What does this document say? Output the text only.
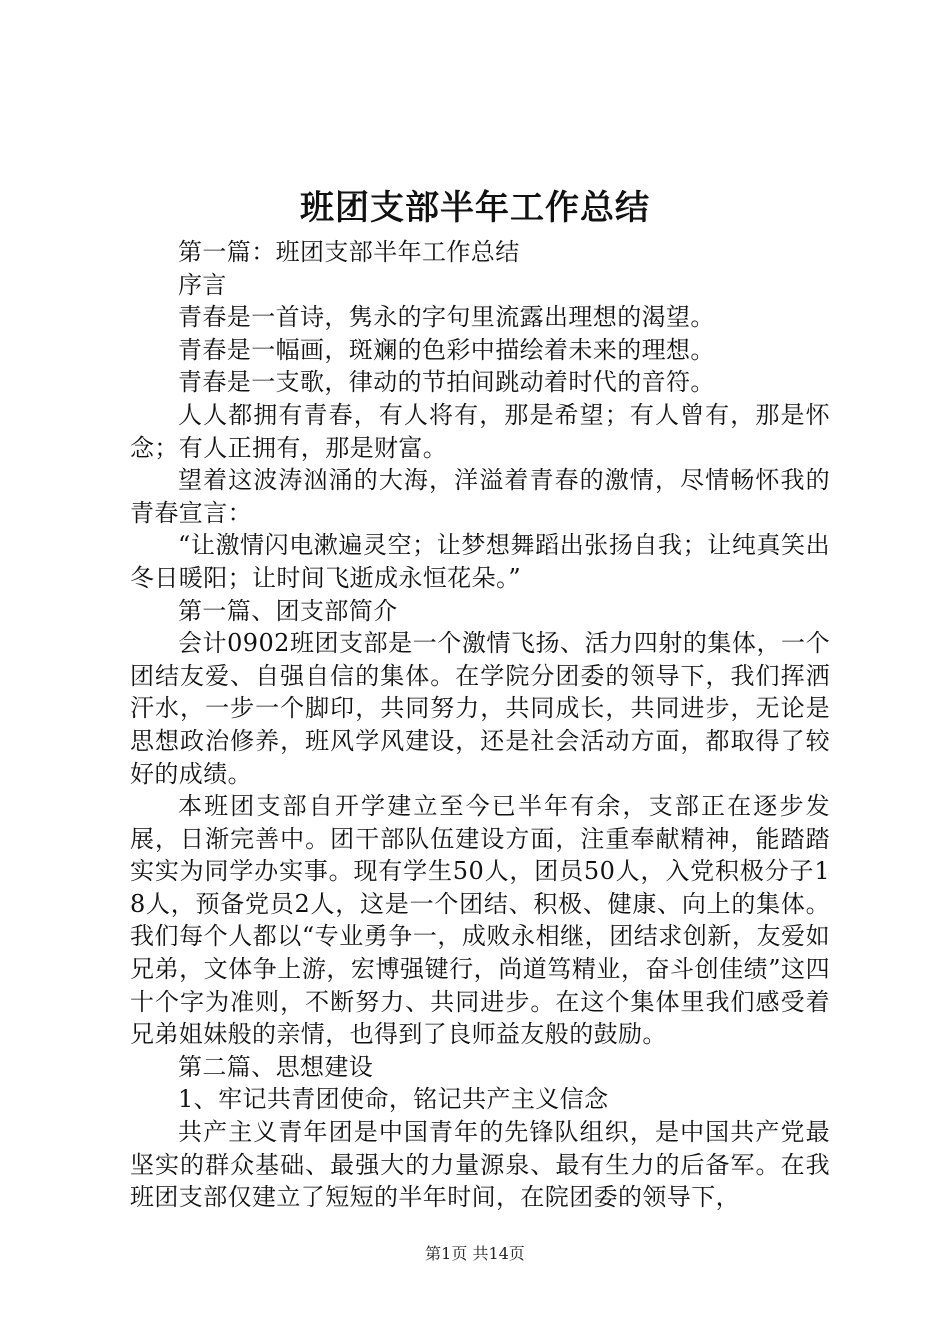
班团支部半年工作总结

第一篇：班团支部半年工作总结

序言

青春是一首诗，隽永的字句里流露出理想的渴望。

青春是一幅画，斑斓的色彩中描绘着未来的理想。

青春是一支歌，律动的节拍间跳动着时代的音符。

人人都拥有青春，有人将有，那是希望；有人曾有，那是怀念；有人正拥有，那是财富。

望着这波涛汹涌的大海，洋溢着青春的激情，尽情畅怀我的青春宣言：

“让激情闪电漱遍灵空；让梦想舞蹈出张扬自我；让纯真笑出冬日暖阳；让时间飞逝成永恒花朵。”

第一篇、团支部简介

会计0902班团支部是一个激情飞扬、活力四射的集体，一个团结友爱、自强自信的集体。在学院分团委的领导下，我们挥洒汗水，一步一个脚印，共同努力，共同成长，共同进步，无论是思想政治修养，班风学风建设，还是社会活动方面，都取得了较好的成绩。

本班团支部自开学建立至今已半年有余，支部正在逐步发展，日渐完善中。团干部队伍建设方面，注重奉献精神，能踏踏实实为同学办实事。现有学生50人，团员50人，入党积极分子18人，预备党员2人，这是一个团结、积极、健康、向上的集体。我们每个人都以“专业勇争一，成败永相继，团结求创新，友爱如兄弟，文体争上游，宏博强键行，尚道笃精业，奋斗创佳绩”这四十个字为准则，不断努力、共同进步。在这个集体里我们感受着兄弟姐妹般的亲情，也得到了良师益友般的鼓励。

第二篇、思想建设

1、牢记共青团使命，铭记共产主义信念

共产主义青年团是中国青年的先锋队组织，是中国共产党最坚实的群众基础、最强大的力量源泉、最有生力的后备军。在我班团支部仅建立了短短的半年时间，在院团委的领导下，

第1页 共14页
